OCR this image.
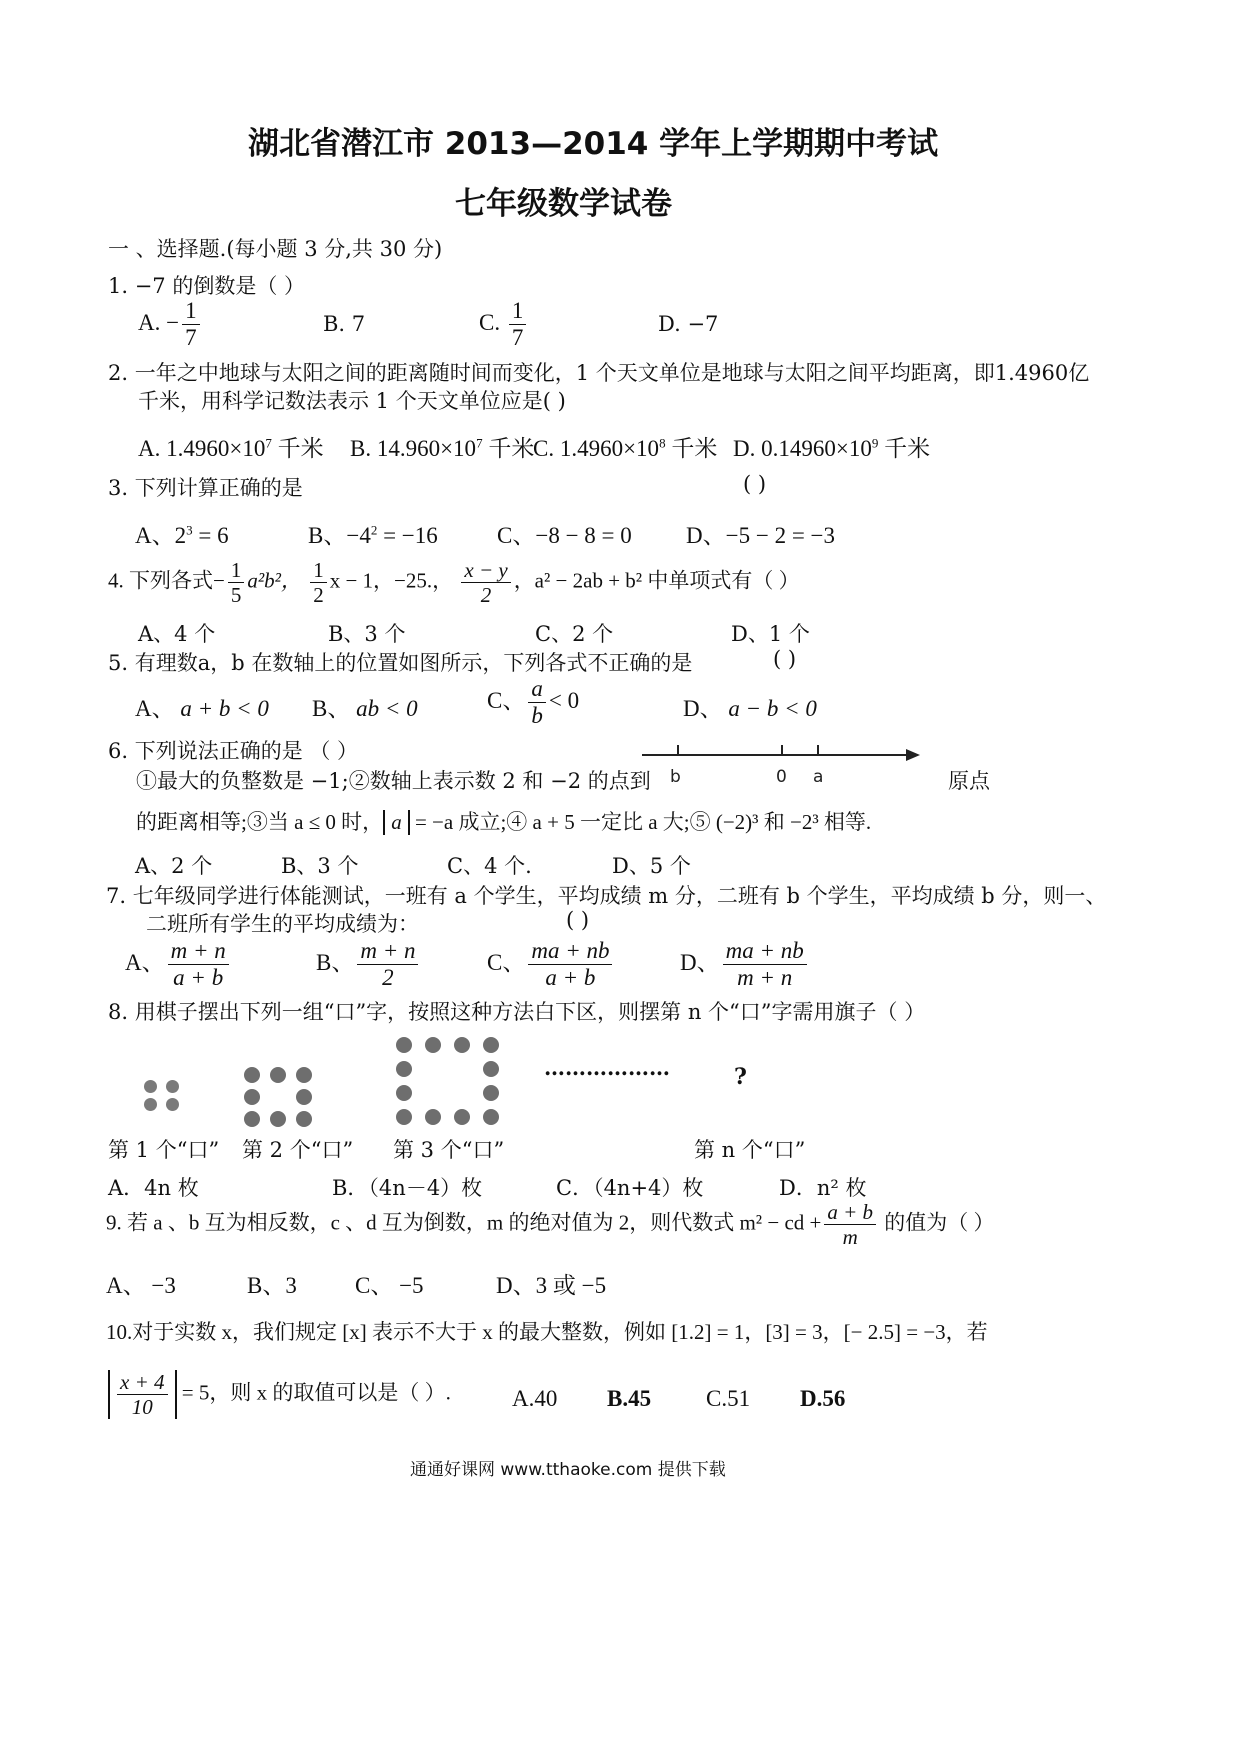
湖北省潜江市 2013—2014 学年上学期期中考试
七年级数学试卷
一 、选择题.(每小题 3 分,共 30 分)
1. −7 的倒数是（ ）
A. − $\frac{1}{7}$	B. 7	C. $\frac{1}{7}$	D. −7
2. 一年之中地球与太阳之间的距离随时间而变化，1 个天文单位是地球与太阳之间平均距离，即1.4960亿
千米，用科学记数法表示 1 个天文单位应是( )
A. $1.4960\times 10^7$ 千米 B. $14.960\times 10^7$ 千米
C. $1.4960\times 10^8$ 千米 D. $0.14960\times 10^9$ 千米
3. 下列计算正确的是	( )
A、$2^3 = 6$	B、$-4^2 = -16$	C、−8 − 8 = 0 D、−5 − 2 = −3
4. 下列各式− $\frac{1}{5} a^2b^2$， $\frac{1}{2}$ x − 1，−25.， $\frac{x - y}{2}$ ，a² − 2ab + b² 中单项式有（ ）
A、4 个	B、3 个	C、2 个	D、1 个
5. 有理数a，b 在数轴上的位置如图所示，下列各式不正确的是	( )
A、 a + b < 0 B、 ab < 0	C、 $\frac{a}{b} < 0$	D、 a − b < 0
6. 下列说法正确的是 （ ）
①最大的负整数是 −1;②数轴上表示数 2 和 −2 的点到 b	0 a	原点
的距离相等;③当 a ≤ 0 时， a = −a 成立;④ a + 5 一定比 a 大;⑤ (−2)³ 和 −2³ 相等.
A、2 个	B、3 个	C、4 个.	D、5 个
7. 七年级同学进行体能测试，一班有 a 个学生，平均成绩 m 分，二班有 b 个学生，平均成绩 b 分，则一、
二班所有学生的平均成绩为：	( )
A、 $\frac{m + n}{a + b}$	B、 $\frac{m + n}{2}$	C、 $\frac{ma + nb}{a + b}$	D、 $\frac{ma + nb}{m + n}$
8. 用棋子摆出下列一组“口”字，按照这种方法白下区，则摆第 n 个“口”字需用旗子（ ）
………………	?
第 1 个“口” 第 2 个“口” 第 3 个“口”	第 n 个“口”
A．4n 枚	B．（4n－4）枚	C．（4n+4）枚	D．n² 枚
9. 若 a 、b 互为相反数，c 、d 互为倒数，m 的绝对值为 2，则代数式 m² − cd + $\frac{a + b}{m}$ 的值为（ ）
A、 −3	B、3	C、 −5	D、3 或 −5
10.对于实数 x，我们规定 [x] 表示不大于 x 的最大整数，例如 [1.2] = 1，[3] = 3，[− 2.5] = −3，若
$\frac{x + 4}{10} = 5$，则 x 的取值可以是（ ）.	A.40 B.45 C.51 D.56
通通好课网 www.tthaoke.com 提供下载
